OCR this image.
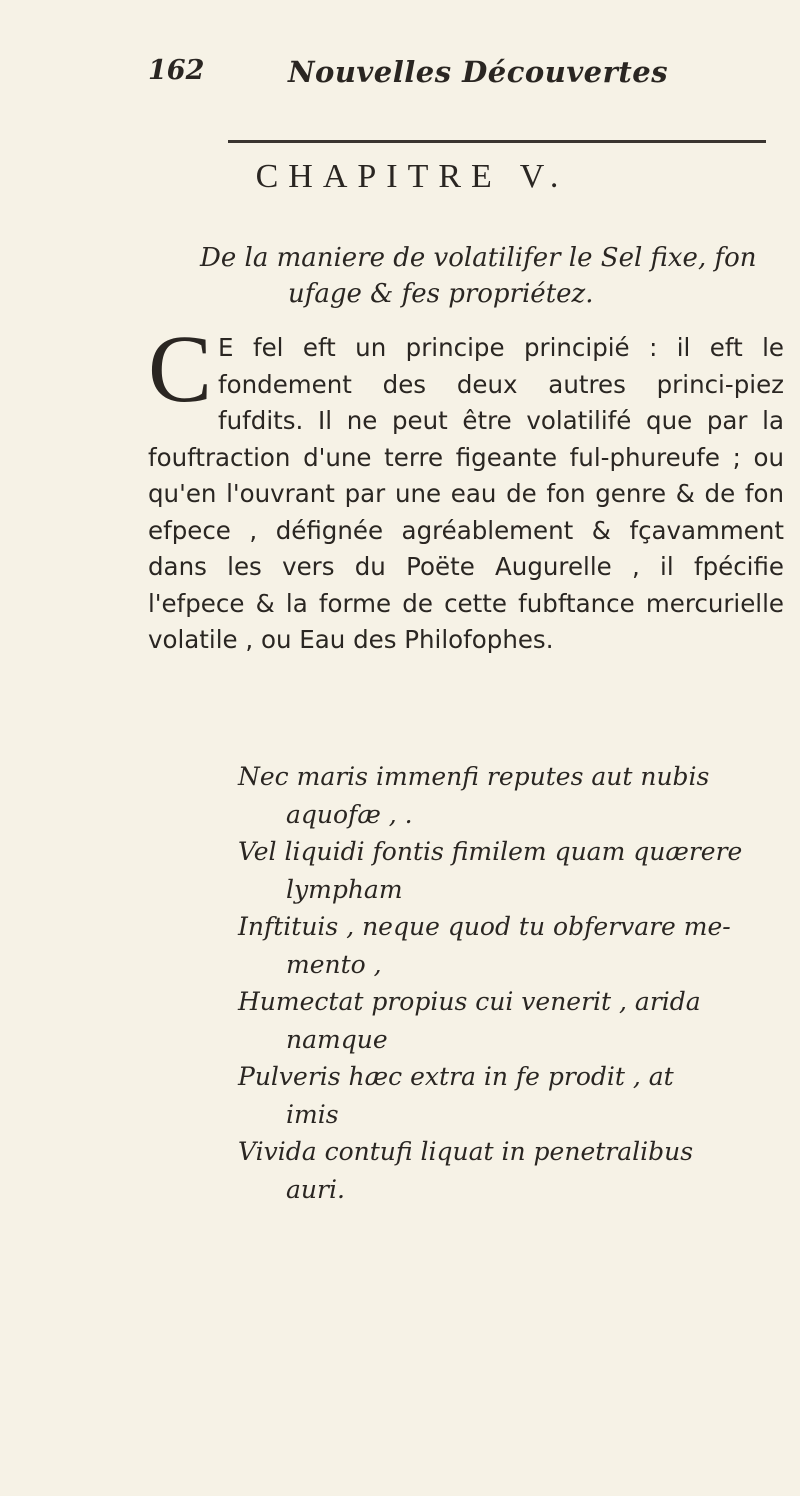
162	Nouvelles Découvertes
CHAPITRE V.
De la maniere de volatilifer le Sel fixe, fon
ufage & fes propriétez.
C E fel eft un principe principié : il eft le fondement des deux autres princi-piez fufdits. Il ne peut être volatilifé que par la fouftraction d'une terre figeante ful-phureufe ; ou qu'en l'ouvrant par une eau de fon genre & de fon efpece , défignée agréablement & fçavamment dans les vers du Poëte Augurelle , il fpécifie l'efpece & la forme de cette fubftance mercurielle volatile , ou Eau des Philofophes.
Nec maris immenfi reputes aut nubis
aquofæ , .
Vel liquidi fontis fimilem quam quærere
lympham
Inftituis , neque quod tu obfervare me-
mento ,
Humectat propius cui venerit , arida
namque
Pulveris hæc extra in fe prodit , at
imis
Vivida contufi liquat in penetralibus
auri.
